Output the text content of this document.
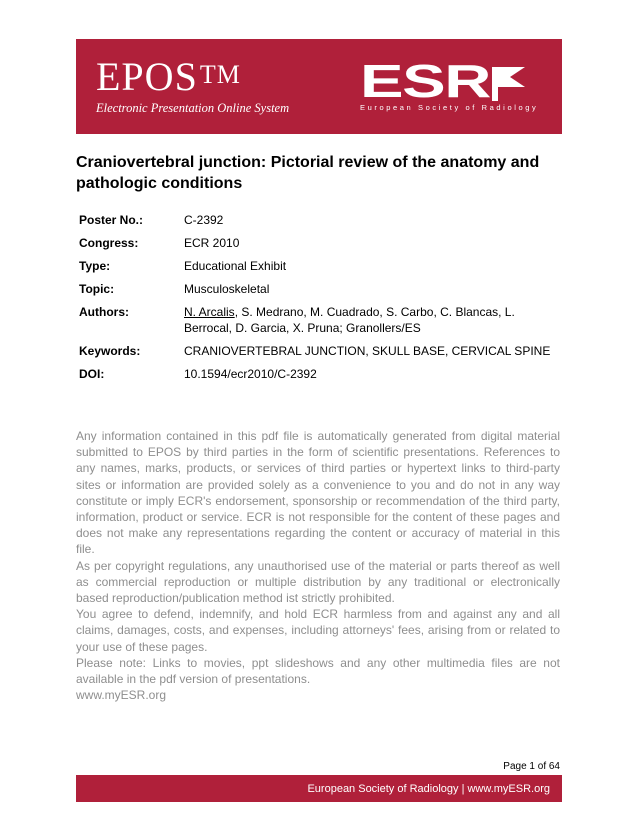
EPOS™
Electronic Presentation Online System
ESR
European Society of Radiology
Craniovertebral junction: Pictorial review of the anatomy and pathologic conditions
Poster No.:	C-2392
Congress:	ECR 2010
Type:	Educational Exhibit
Topic:	Musculoskeletal
Authors:	N. Arcalis, S. Medrano, M. Cuadrado, S. Carbo, C. Blancas, L. Berrocal, D. Garcia, X. Pruna; Granollers/ES
Keywords:	CRANIOVERTEBRAL JUNCTION, SKULL BASE, CERVICAL SPINE
DOI:	10.1594/ecr2010/C-2392

Any information contained in this pdf file is automatically generated from digital material submitted to EPOS by third parties in the form of scientific presentations. References to any names, marks, products, or services of third parties or hypertext links to third-party sites or information are provided solely as a convenience to you and do not in any way constitute or imply ECR's endorsement, sponsorship or recommendation of the third party, information, product or service. ECR is not responsible for the content of these pages and does not make any representations regarding the content or accuracy of material in this file.

As per copyright regulations, any unauthorised use of the material or parts thereof as well as commercial reproduction or multiple distribution by any traditional or electronically based reproduction/publication method ist strictly prohibited.

You agree to defend, indemnify, and hold ECR harmless from and against any and all claims, damages, costs, and expenses, including attorneys' fees, arising from or related to your use of these pages.

Please note: Links to movies, ppt slideshows and any other multimedia files are not available in the pdf version of presentations.

www.myESR.org

Page 1 of 64
European Society of Radiology | www.myESR.org
